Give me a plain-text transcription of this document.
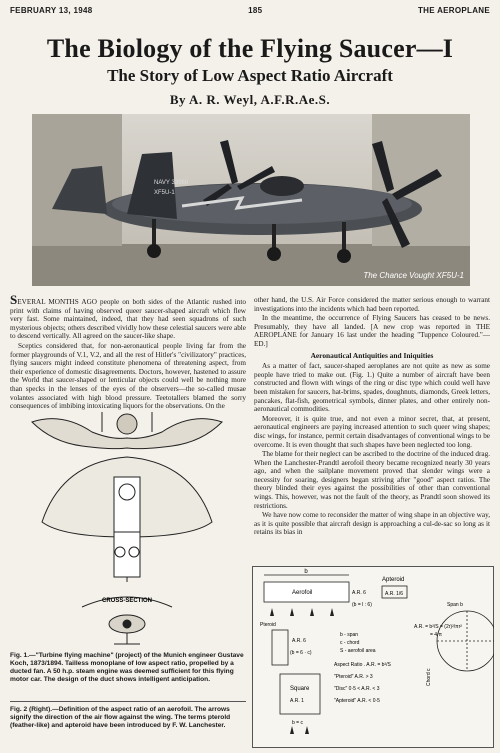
FEBRUARY 13, 1948	185	THE AEROPLANE
The Biology of the Flying Saucer—I
The Story of Low Aspect Ratio Aircraft
By A. R. Weyl, A.F.R.Ae.S.
NAVY 33960
XF5U-1
The Chance Vought XF5U-1

SEVERAL MONTHS AGO people on both sides of the Atlantic rushed into print with claims of having observed queer saucer-shaped aircraft which flew very fast. Some maintained, indeed, that they had seen squadrons of such mysterious objects; others described vividly how these celestial saucers were able to descend vertically. All agreed on the saucer-like shape.

Sceptics considered that, for non-aeronautical people living far from the former playgrounds of V.1, V.2, and all the rest of Hitler's "civilizatory" practices, flying saucers might indeed constitute phenomena of threatening aspect, from their experience of domestic disagreements. Doctors, however, hastened to assure the World that saucer-shaped or lenticular objects could well be nothing more than specks in the lenses of the eyes of the observers—the so-called musae volantes associated with high blood pressure. Teetotallers blamed the sorry consequences of imbibing intoxicating liquors for the observations. On the

other hand, the U.S. Air Force considered the matter serious enough to warrant investigations into the incidents which had been reported.

In the meantime, the occurrence of Flying Saucers has ceased to be news. Presumably, they have all landed. [A new crop was reported in THE AEROPLANE for January 16 last under the heading "Tuppence Coloured."—ED.]

Aeronautical Antiquities and Iniquities

As a matter of fact, saucer-shaped aeroplanes are not quite as new as some people have tried to make out. (Fig. 1.) Quite a number of aircraft have been constructed and flown with wings of the ring or disc type which could well have been mistaken for saucers, hat-brims, spades, doughnuts, diamonds, Greek letters, pancakes, flat-fish, geometrical symbols, dinner plates, and other entirely non-aeronautical commodities.

Moreover, it is quite true, and not even a minor secret, that, at present, aeronautical engineers are paying increased attention to such queer wing shapes; disc wings, for instance, permit certain disadvantages of conventional wings to be overcome. It is even thought that such shapes have been neglected too long.

The blame for their neglect can be ascribed to the doctrine of the induced drag. When the Lanchester-Prandtl aerofoil theory became recognized nearly 30 years ago, and when the sailplane movement proved that slender wings were a necessity for soaring, designers began striving after "good" aspect ratios. The theory blinded their eyes against the possibilities of other than conventional wings. This, however, was not the fault of the theory, as Prandtl soon showed its restrictions.

We have now come to reconsider the matter of wing shape in an objective way, as it is quite possible that aircraft design is approaching a cul-de-sac so long as it retains its bias in

CROSS-SECTION
Fig. 1.—"Turbine flying machine" (project) of the Munich engineer Gustave Koch, 1873/1894. Tailless monoplane of low aspect ratio, propelled by a ducted fan. A 50 h.p. steam engine was deemed sufficient for this flying motor car. The design of the duct shows intelligent anticipation.
Fig. 2 (Right).—Definition of the aspect ratio of an aerofoil. The arrows signify the direction of the air flow against the wing. The terms pterold (feather-like) and apteroid have been introduced by F. W. Lanchester.
b
Aerofoil	A.R. 6
(b = l : 6)
Apteroid
A.R. 1/6
Span b
A.R. = b²/S = (2r)²/πr²
= 4/π
Pteroid
A.R. 6
(b = 6 · c)
b - span
c - chord
S - aerofoil area
Aspect Ratio . A.R. = b²/S
"Pteroid" A.R. > 3
"Disc" 0·5 < A.R. < 3
"Apteroid" A.R. < 0·5
Square
A.R. 1
b = c
Chord c
